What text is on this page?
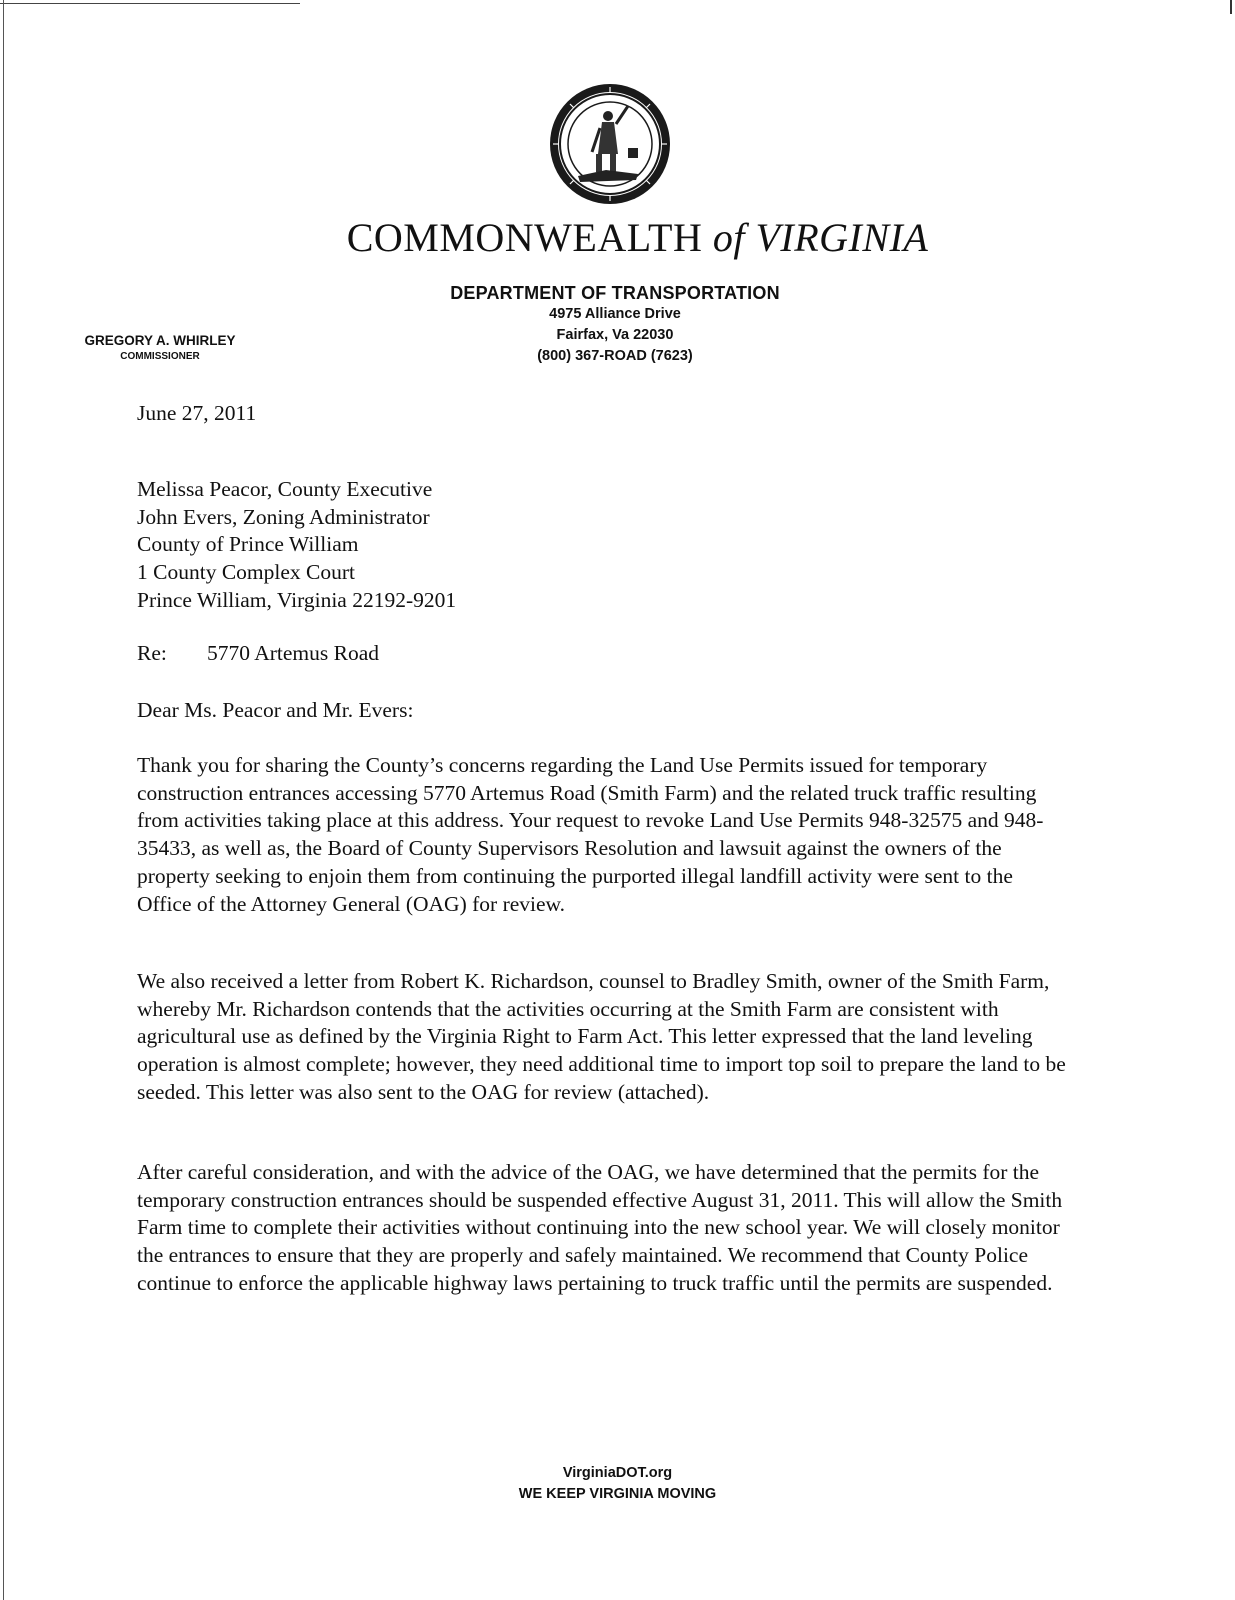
COMMONWEALTH of VIRGINIA
DEPARTMENT OF TRANSPORTATION
4975 Alliance Drive
Fairfax, Va 22030
(800) 367-ROAD (7623)
GREGORY A. WHIRLEY
COMMISSIONER
June 27, 2011
Melissa Peacor, County Executive
John Evers, Zoning Administrator
County of Prince William
1 County Complex Court
Prince William, Virginia 22192-9201
Re: 5770 Artemus Road
Dear Ms. Peacor and Mr. Evers:
Thank you for sharing the County’s concerns regarding the Land Use Permits issued for temporary construction entrances accessing 5770 Artemus Road (Smith Farm) and the related truck traffic resulting from activities taking place at this address. Your request to revoke Land Use Permits 948-32575 and 948-35433, as well as, the Board of County Supervisors Resolution and lawsuit against the owners of the property seeking to enjoin them from continuing the purported illegal landfill activity were sent to the Office of the Attorney General (OAG) for review.
We also received a letter from Robert K. Richardson, counsel to Bradley Smith, owner of the Smith Farm, whereby Mr. Richardson contends that the activities occurring at the Smith Farm are consistent with agricultural use as defined by the Virginia Right to Farm Act. This letter expressed that the land leveling operation is almost complete; however, they need additional time to import top soil to prepare the land to be seeded. This letter was also sent to the OAG for review (attached).
After careful consideration, and with the advice of the OAG, we have determined that the permits for the temporary construction entrances should be suspended effective August 31, 2011. This will allow the Smith Farm time to complete their activities without continuing into the new school year. We will closely monitor the entrances to ensure that they are properly and safely maintained. We recommend that County Police continue to enforce the applicable highway laws pertaining to truck traffic until the permits are suspended.
VirginiaDOT.org
WE KEEP VIRGINIA MOVING
